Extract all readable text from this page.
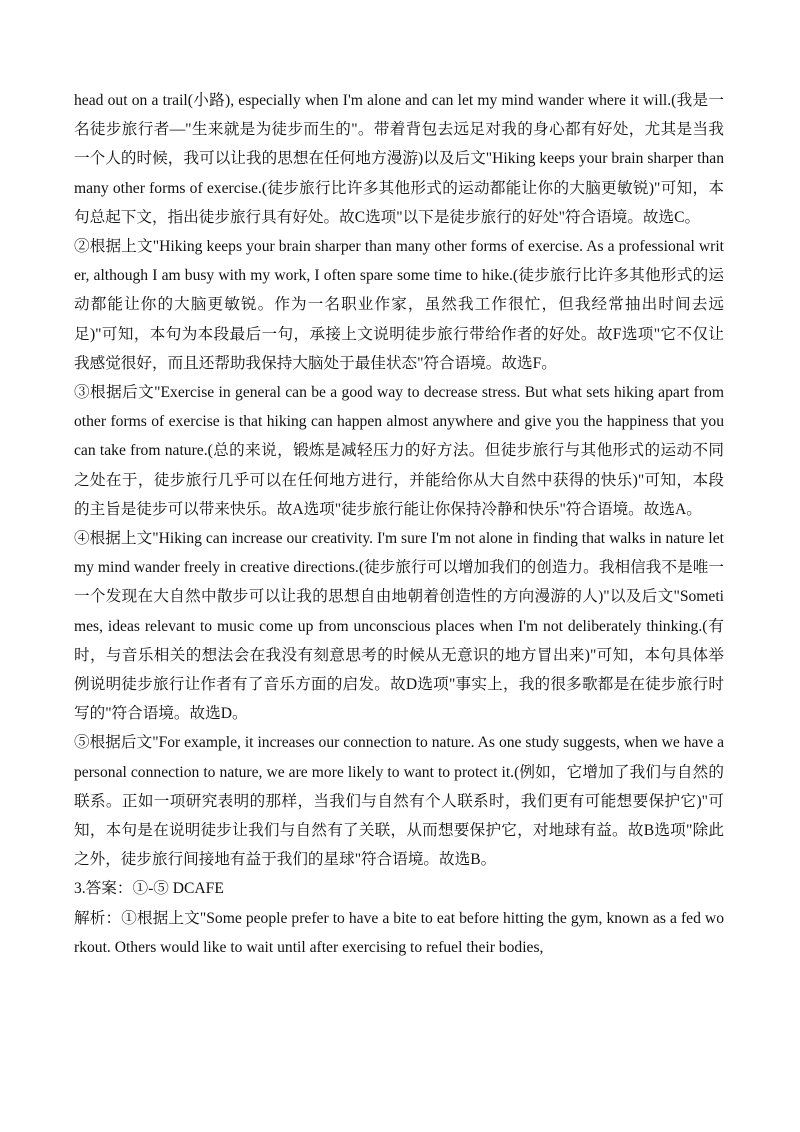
head out on a trail(小路), especially when I'm alone and can let my mind wander where it will.(我是一名徒步旅行者—"生来就是为徒步而生的"。带着背包去远足对我的身心都有好处，尤其是当我一个人的时候，我可以让我的思想在任何地方漫游)以及后文"Hiking keeps your brain sharper than many other forms of exercise.(徒步旅行比许多其他形式的运动都能让你的大脑更敏锐)"可知，本句总起下文，指出徒步旅行具有好处。故C选项"以下是徒步旅行的好处"符合语境。故选C。

②根据上文"Hiking keeps your brain sharper than many other forms of exercise. As a professional writer, although I am busy with my work, I often spare some time to hike.(徒步旅行比许多其他形式的运动都能让你的大脑更敏锐。作为一名职业作家，虽然我工作很忙，但我经常抽出时间去远足)"可知，本句为本段最后一句，承接上文说明徒步旅行带给作者的好处。故F选项"它不仅让我感觉很好，而且还帮助我保持大脑处于最佳状态"符合语境。故选F。

③根据后文"Exercise in general can be a good way to decrease stress. But what sets hiking apart from other forms of exercise is that hiking can happen almost anywhere and give you the happiness that you can take from nature.(总的来说，锻炼是减轻压力的好方法。但徒步旅行与其他形式的运动不同之处在于，徒步旅行几乎可以在任何地方进行，并能给你从大自然中获得的快乐)"可知，本段的主旨是徒步可以带来快乐。故A选项"徒步旅行能让你保持冷静和快乐"符合语境。故选A。

④根据上文"Hiking can increase our creativity. I'm sure I'm not alone in finding that walks in nature let my mind wander freely in creative directions.(徒步旅行可以增加我们的创造力。我相信我不是唯一一个发现在大自然中散步可以让我的思想自由地朝着创造性的方向漫游的人)"以及后文"Sometimes, ideas relevant to music come up from unconscious places when I'm not deliberately thinking.(有时，与音乐相关的想法会在我没有刻意思考的时候从无意识的地方冒出来)"可知，本句具体举例说明徒步旅行让作者有了音乐方面的启发。故D选项"事实上，我的很多歌都是在徒步旅行时写的"符合语境。故选D。

⑤根据后文"For example, it increases our connection to nature. As one study suggests, when we have a personal connection to nature, we are more likely to want to protect it.(例如，它增加了我们与自然的联系。正如一项研究表明的那样，当我们与自然有个人联系时，我们更有可能想要保护它)"可知，本句是在说明徒步让我们与自然有了关联，从而想要保护它，对地球有益。故B选项"除此之外，徒步旅行间接地有益于我们的星球"符合语境。故选B。

3.答案：①-⑤ DCAFE

解析：①根据上文"Some people prefer to have a bite to eat before hitting the gym, known as a fed workout. Others would like to wait until after exercising to refuel their bodies,
